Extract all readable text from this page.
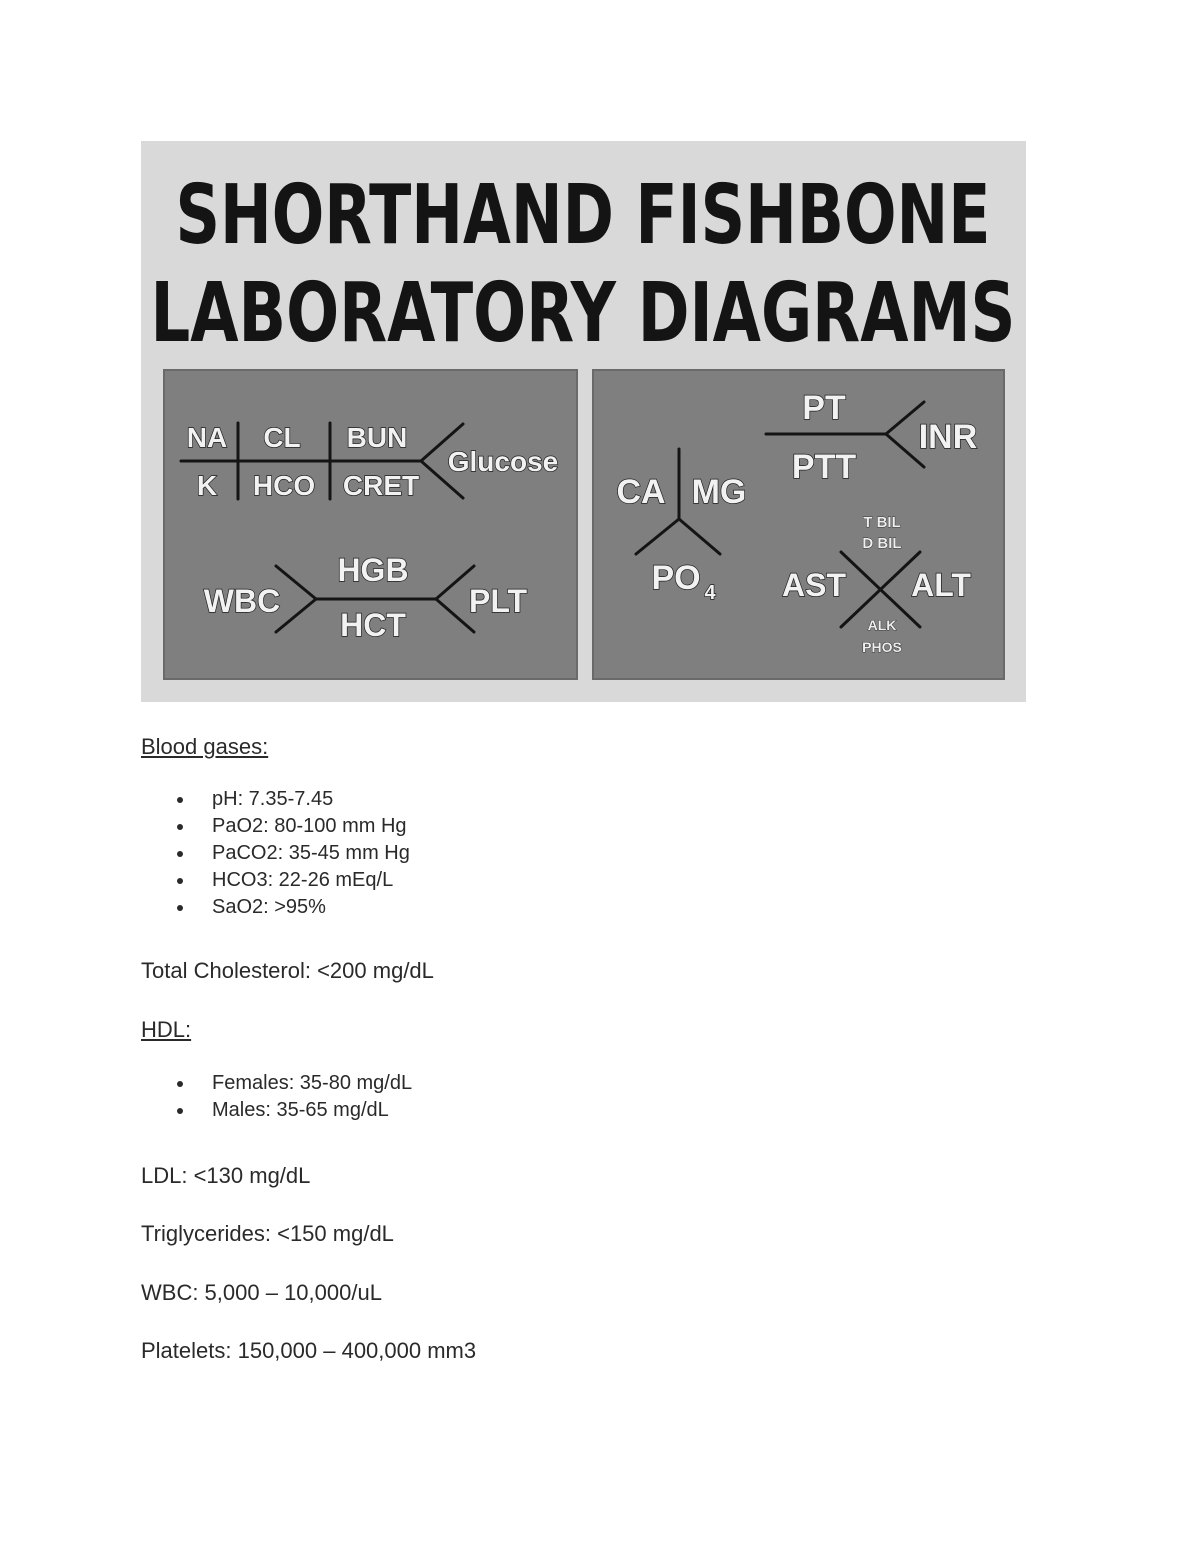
SHORTHAND FISHBONE
LABORATORY DIAGRAMS
NA CL BUN
K HCO CRET
Glucose
WBC
HGB
HCT
PLT
PT
PTT
INR
CA MG
PO 4
T BIL
D BIL
AST ALT
ALK
PHOS
Blood gases:
pH: 7.35-7.45
PaO2: 80-100 mm Hg
PaCO2: 35-45 mm Hg
HCO3: 22-26 mEq/L
SaO2: >95%
Total Cholesterol: <200 mg/dL
HDL:
Females: 35-80 mg/dL
Males: 35-65 mg/dL
LDL: <130 mg/dL
Triglycerides: <150 mg/dL
WBC: 5,000 – 10,000/uL
Platelets: 150,000 – 400,000 mm3
